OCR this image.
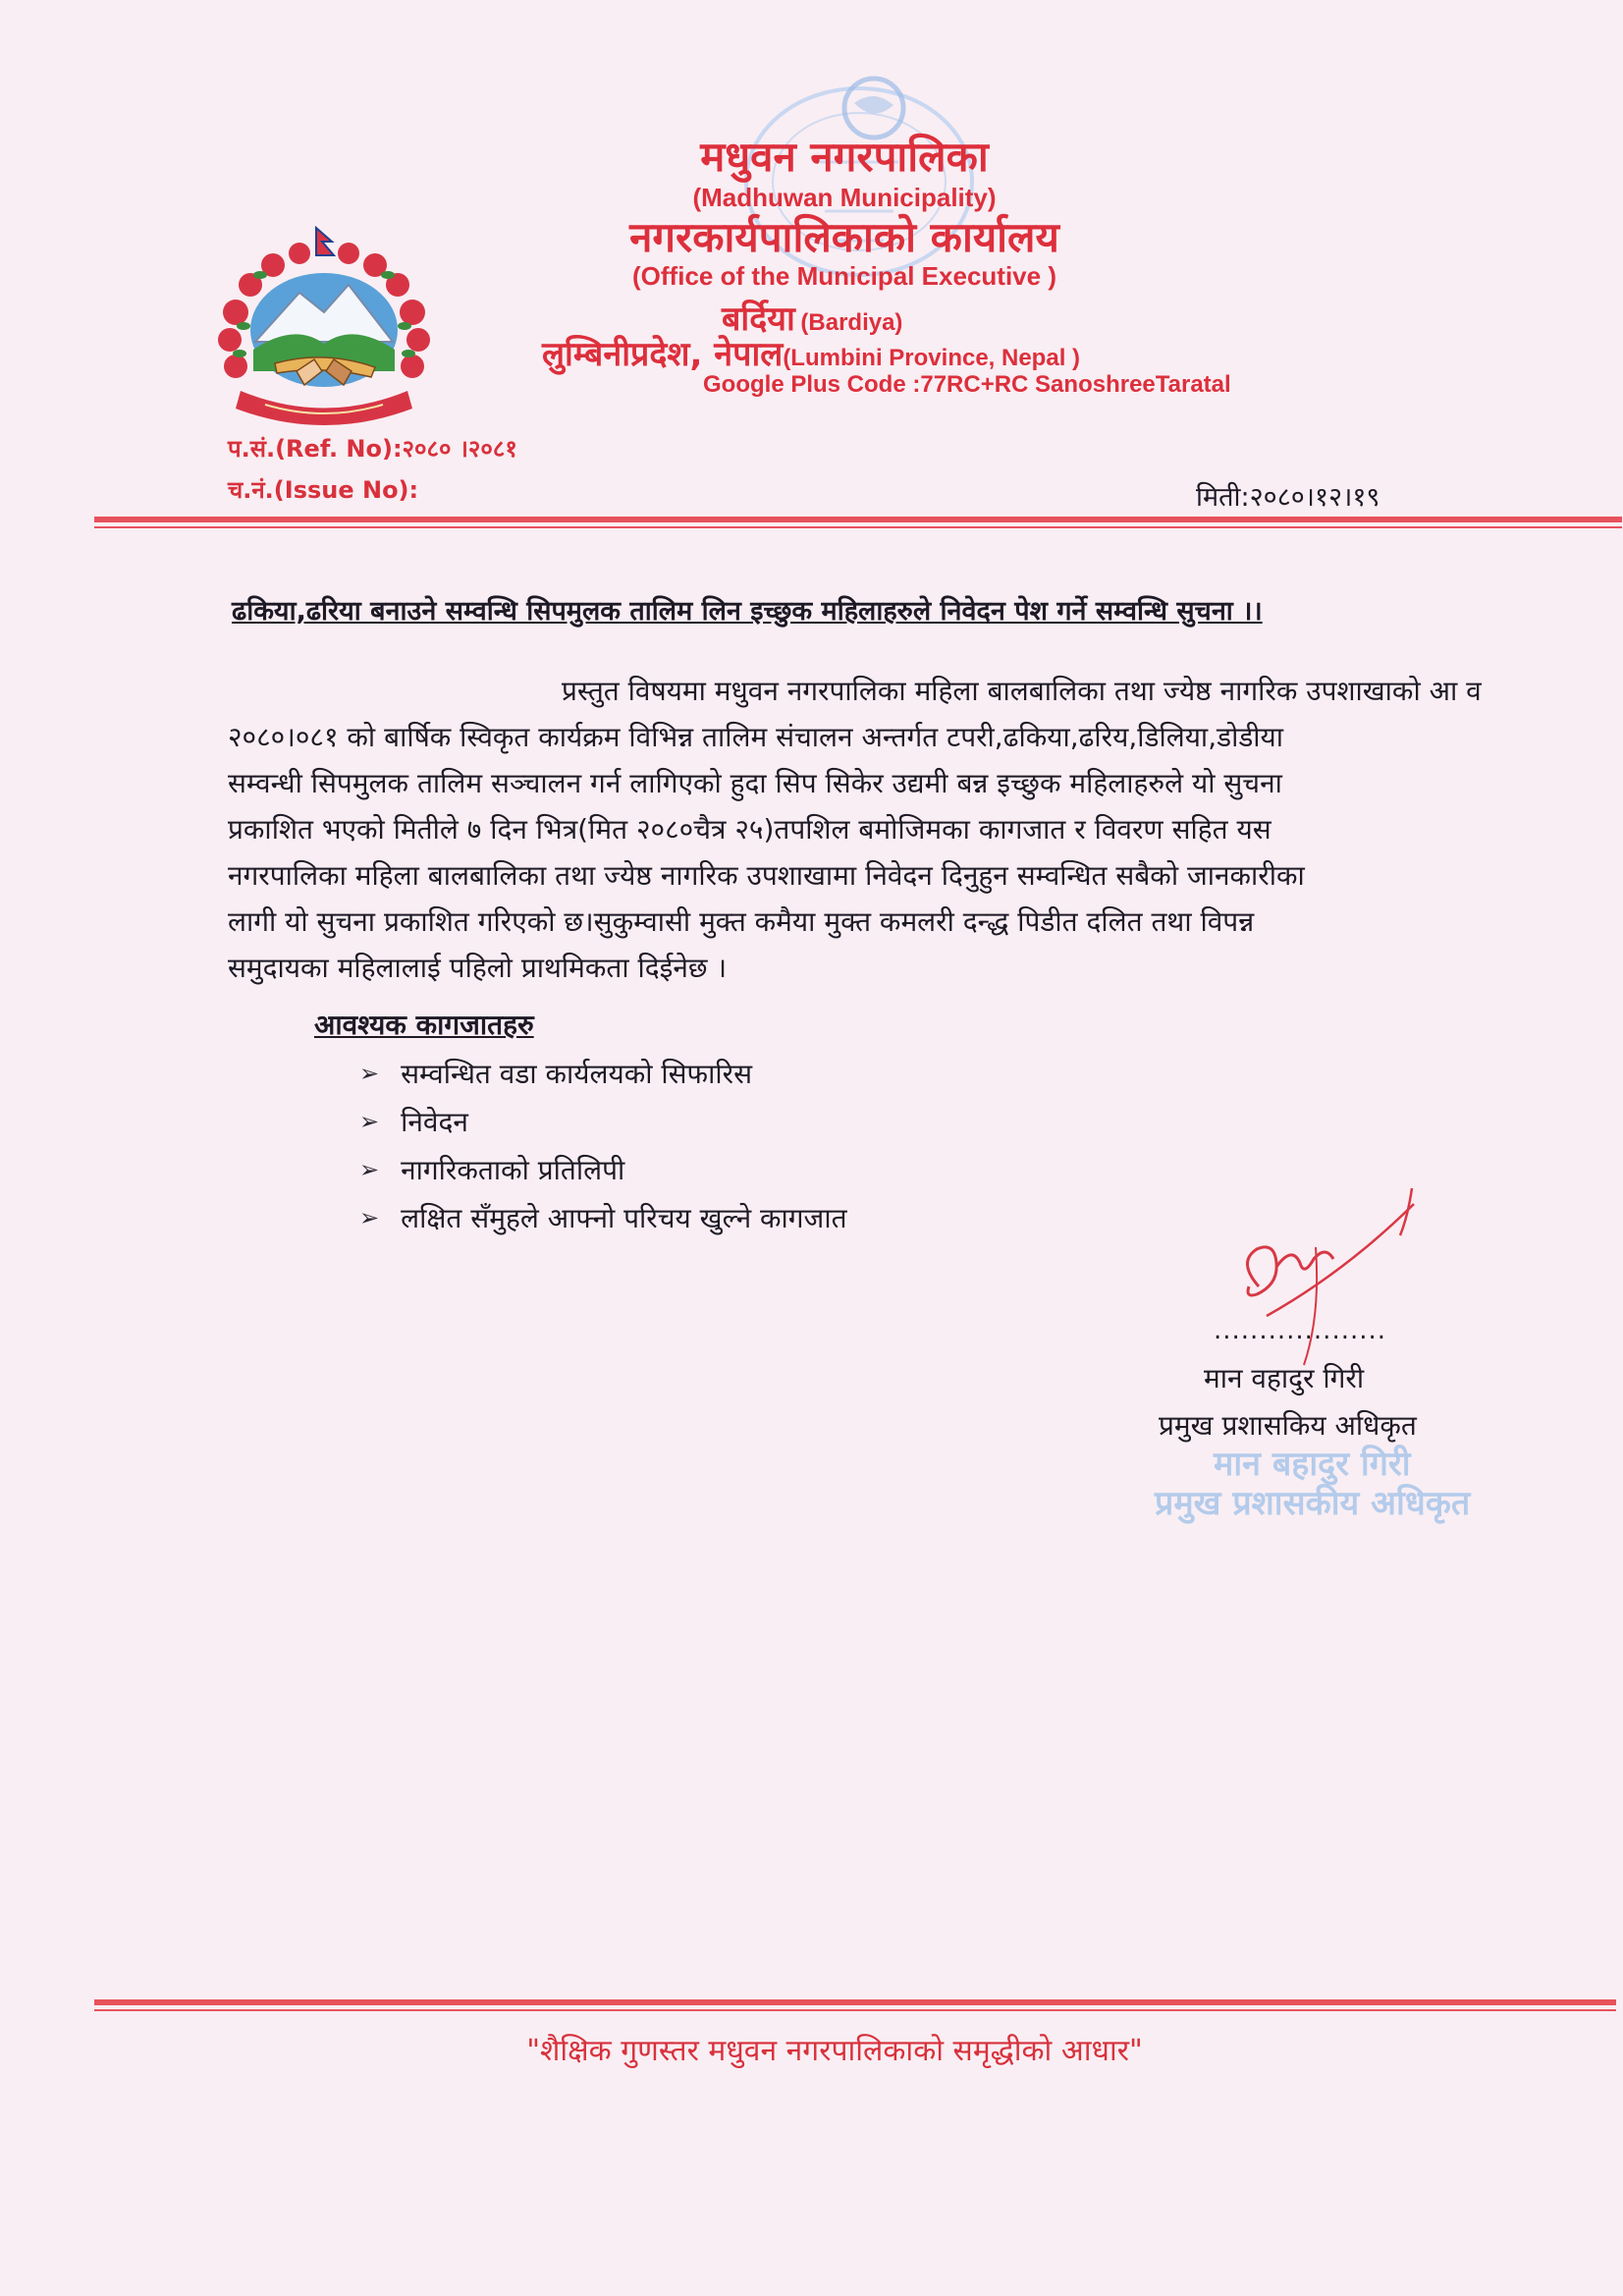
मधुवन नगरपालिका
(Madhuwan Municipality)
नगरकार्यपालिकाको कार्यालय
(Office of the Municipal Executive )
बर्दिया (Bardiya)
लुम्बिनीप्रदेश, नेपाल(Lumbini Province, Nepal )
Google Plus Code :77RC+RC SanoshreeTaratal
प.सं.(Ref. No):२०८० ।२०८१
च.नं.(Issue No):	मिती:२०८०।१२।१९
ढकिया,ढरिया बनाउने सम्वन्धि सिपमुलक तालिम लिन इच्छुक महिलाहरुले निवेदन पेश गर्ने सम्वन्धि सुचना ।।
प्रस्तुत विषयमा मधुवन नगरपालिका महिला बालबालिका तथा ज्येष्ठ नागरिक उपशाखाको आ व
२०८०।०८१ को बार्षिक स्विकृत कार्यक्रम विभिन्न तालिम संचालन अन्तर्गत टपरी,ढकिया,ढरिय,डिलिया,डोडीया
सम्वन्धी सिपमुलक तालिम सञ्चालन गर्न लागिएको हुदा सिप सिकेर उद्यमी बन्न इच्छुक महिलाहरुले यो सुचना
प्रकाशित भएको मितीले ७ दिन भित्र(मित २०८०चैत्र २५)तपशिल बमोजिमका कागजात र विवरण सहित यस
नगरपालिका महिला बालबालिका तथा ज्येष्ठ नागरिक उपशाखामा निवेदन दिनुहुन सम्वन्धित सबैको जानकारीका
लागी यो सुचना प्रकाशित गरिएको छ।सुकुम्वासी मुक्त कमैया मुक्त कमलरी दन्द्ध पिडीत दलित तथा विपन्न
समुदायका महिलालाई पहिलो प्राथमिकता दिईनेछ ।
आवश्यक कागजातहरु
➢ सम्वन्धित वडा कार्यलयको सिफारिस
➢ निवेदन
➢ नागरिकताको प्रतिलिपी
➢ लक्षित सँमुहले आफ्नो परिचय खुल्ने कागजात
...................
मान वहादुर गिरी
प्रमुख प्रशासकिय अधिकृत
मान बहादुर गिरी
प्रमुख प्रशासकीय अधिकृत
"शैक्षिक गुणस्तर मधुवन नगरपालिकाको समृद्धीको आधार"
